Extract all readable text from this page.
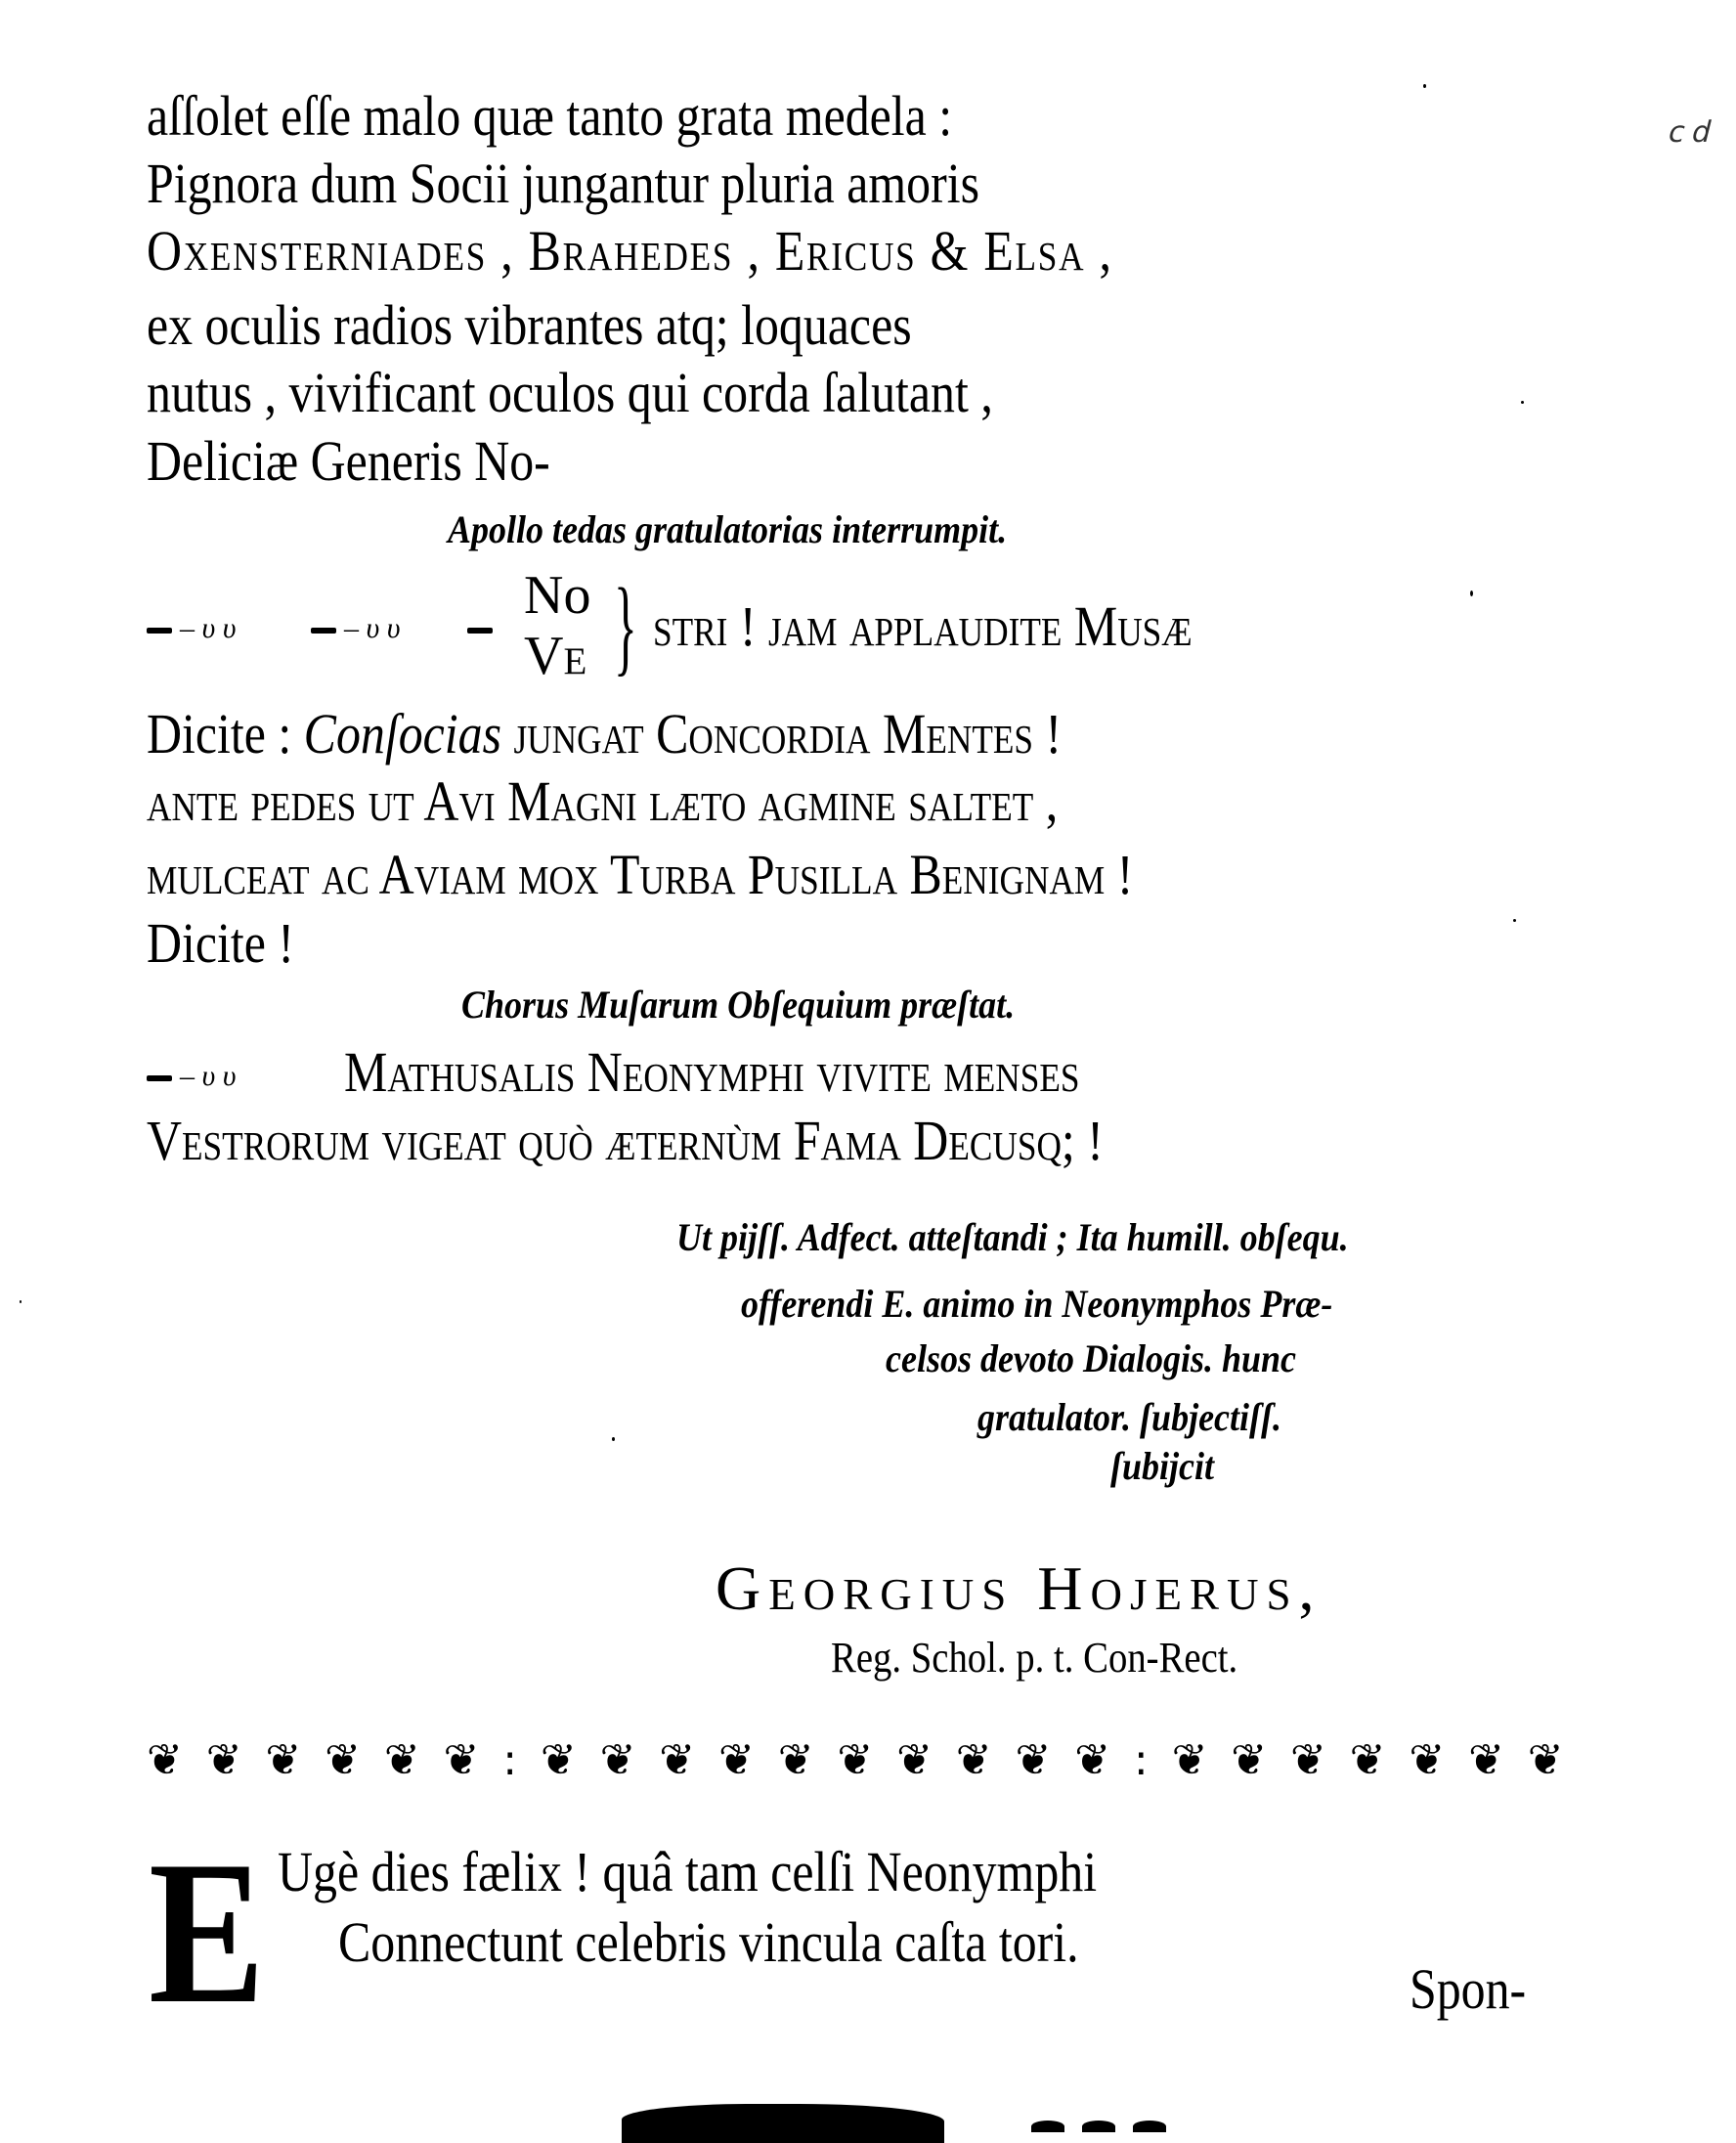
aſſolet eſſe malo quæ tanto grata medela :
Pignora dum Socii jungantur pluria amoris
Oxensterniades , Brahedes , Ericus & Elsa ,
ex oculis radios vibrantes atq; loquaces
nutus , vivificant oculos qui corda ſalutant ,
Deliciæ Generis No-
Apollo tedas gratulatorias interrumpit.
– υ υ	– υ υ
No
Ve } stri ! jam applaudite Muſæ
Dicite : Conſocias jungat Concordia Mentes !
ante pedes ut Avi Magni læto agmine ſaltet ,
mulceat ac Aviam mox Turba Pusilla Benignam !
Dicite !
Chorus Muſarum Obſequium præſtat.
– υ υ Mathuſalis Neonymphi vivite menſes
Veſtrorum vigeat quò æternùm Fama Decusq; !
Ut pijſſ. Adfect. atteſtandi ; Ita humill. obſequ.
offerendi E. animo in Neonymphos Præ-
celsos devoto Dialogis. hunc
gratulator. ſubjectiſſ.
ſubijcit
Georgius Hojerus,
Reg. Schol. p. t. Con-Rect.
❦ ❦ ❦ ❦ ❦ ❦ : ❦ ❦ ❦ ❦ ❦ ❦ ❦ ❦ ❦ ❦ : ❦ ❦ ❦ ❦ ❦ ❦ ❦
E Ugè dies fælix ! quâ tam celſi Neonymphi
Connectunt celebris vincula caſta tori.
Spon-
ⅽ ⅾ
